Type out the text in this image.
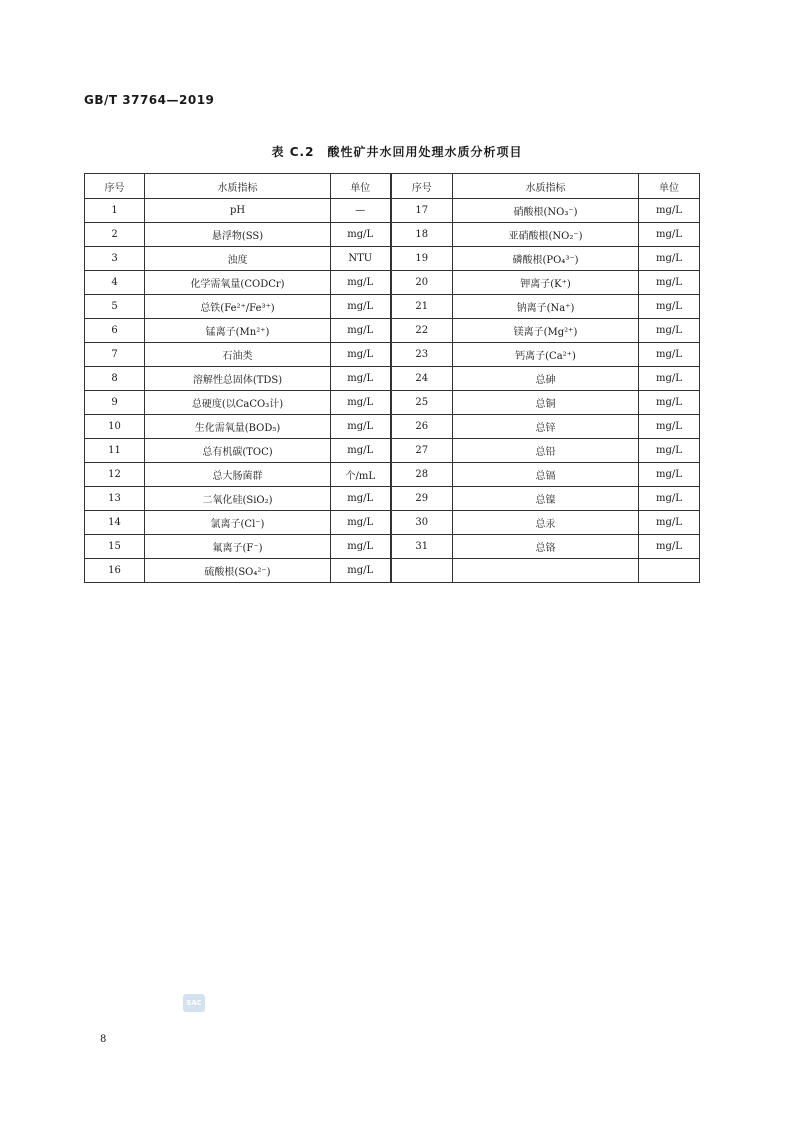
GB/T 37764—2019
表 C.2　酸性矿井水回用处理水质分析项目
序号	水质指标	单位	序号	水质指标	单位
1	pH	—	17	硝酸根(NO₃⁻)	mg/L
2	悬浮物(SS)	mg/L	18	亚硝酸根(NO₂⁻)	mg/L
3	浊度	NTU	19	磷酸根(PO₄³⁻)	mg/L
4	化学需氧量(CODCr)	mg/L	20	钾离子(K⁺)	mg/L
5	总铁(Fe²⁺/Fe³⁺)	mg/L	21	钠离子(Na⁺)	mg/L
6	锰离子(Mn²⁺)	mg/L	22	镁离子(Mg²⁺)	mg/L
7	石油类	mg/L	23	钙离子(Ca²⁺)	mg/L
8	溶解性总固体(TDS)	mg/L	24	总砷	mg/L
9	总硬度(以CaCO₃计)	mg/L	25	总铜	mg/L
10	生化需氧量(BOD₅)	mg/L	26	总锌	mg/L
11	总有机碳(TOC)	mg/L	27	总铅	mg/L
12	总大肠菌群	个/mL	28	总镉	mg/L
13	二氧化硅(SiO₂)	mg/L	29	总镍	mg/L
14	氯离子(Cl⁻)	mg/L	30	总汞	mg/L
15	氟离子(F⁻)	mg/L	31	总铬	mg/L
16	硫酸根(SO₄²⁻)	mg/L			
SAC
8
